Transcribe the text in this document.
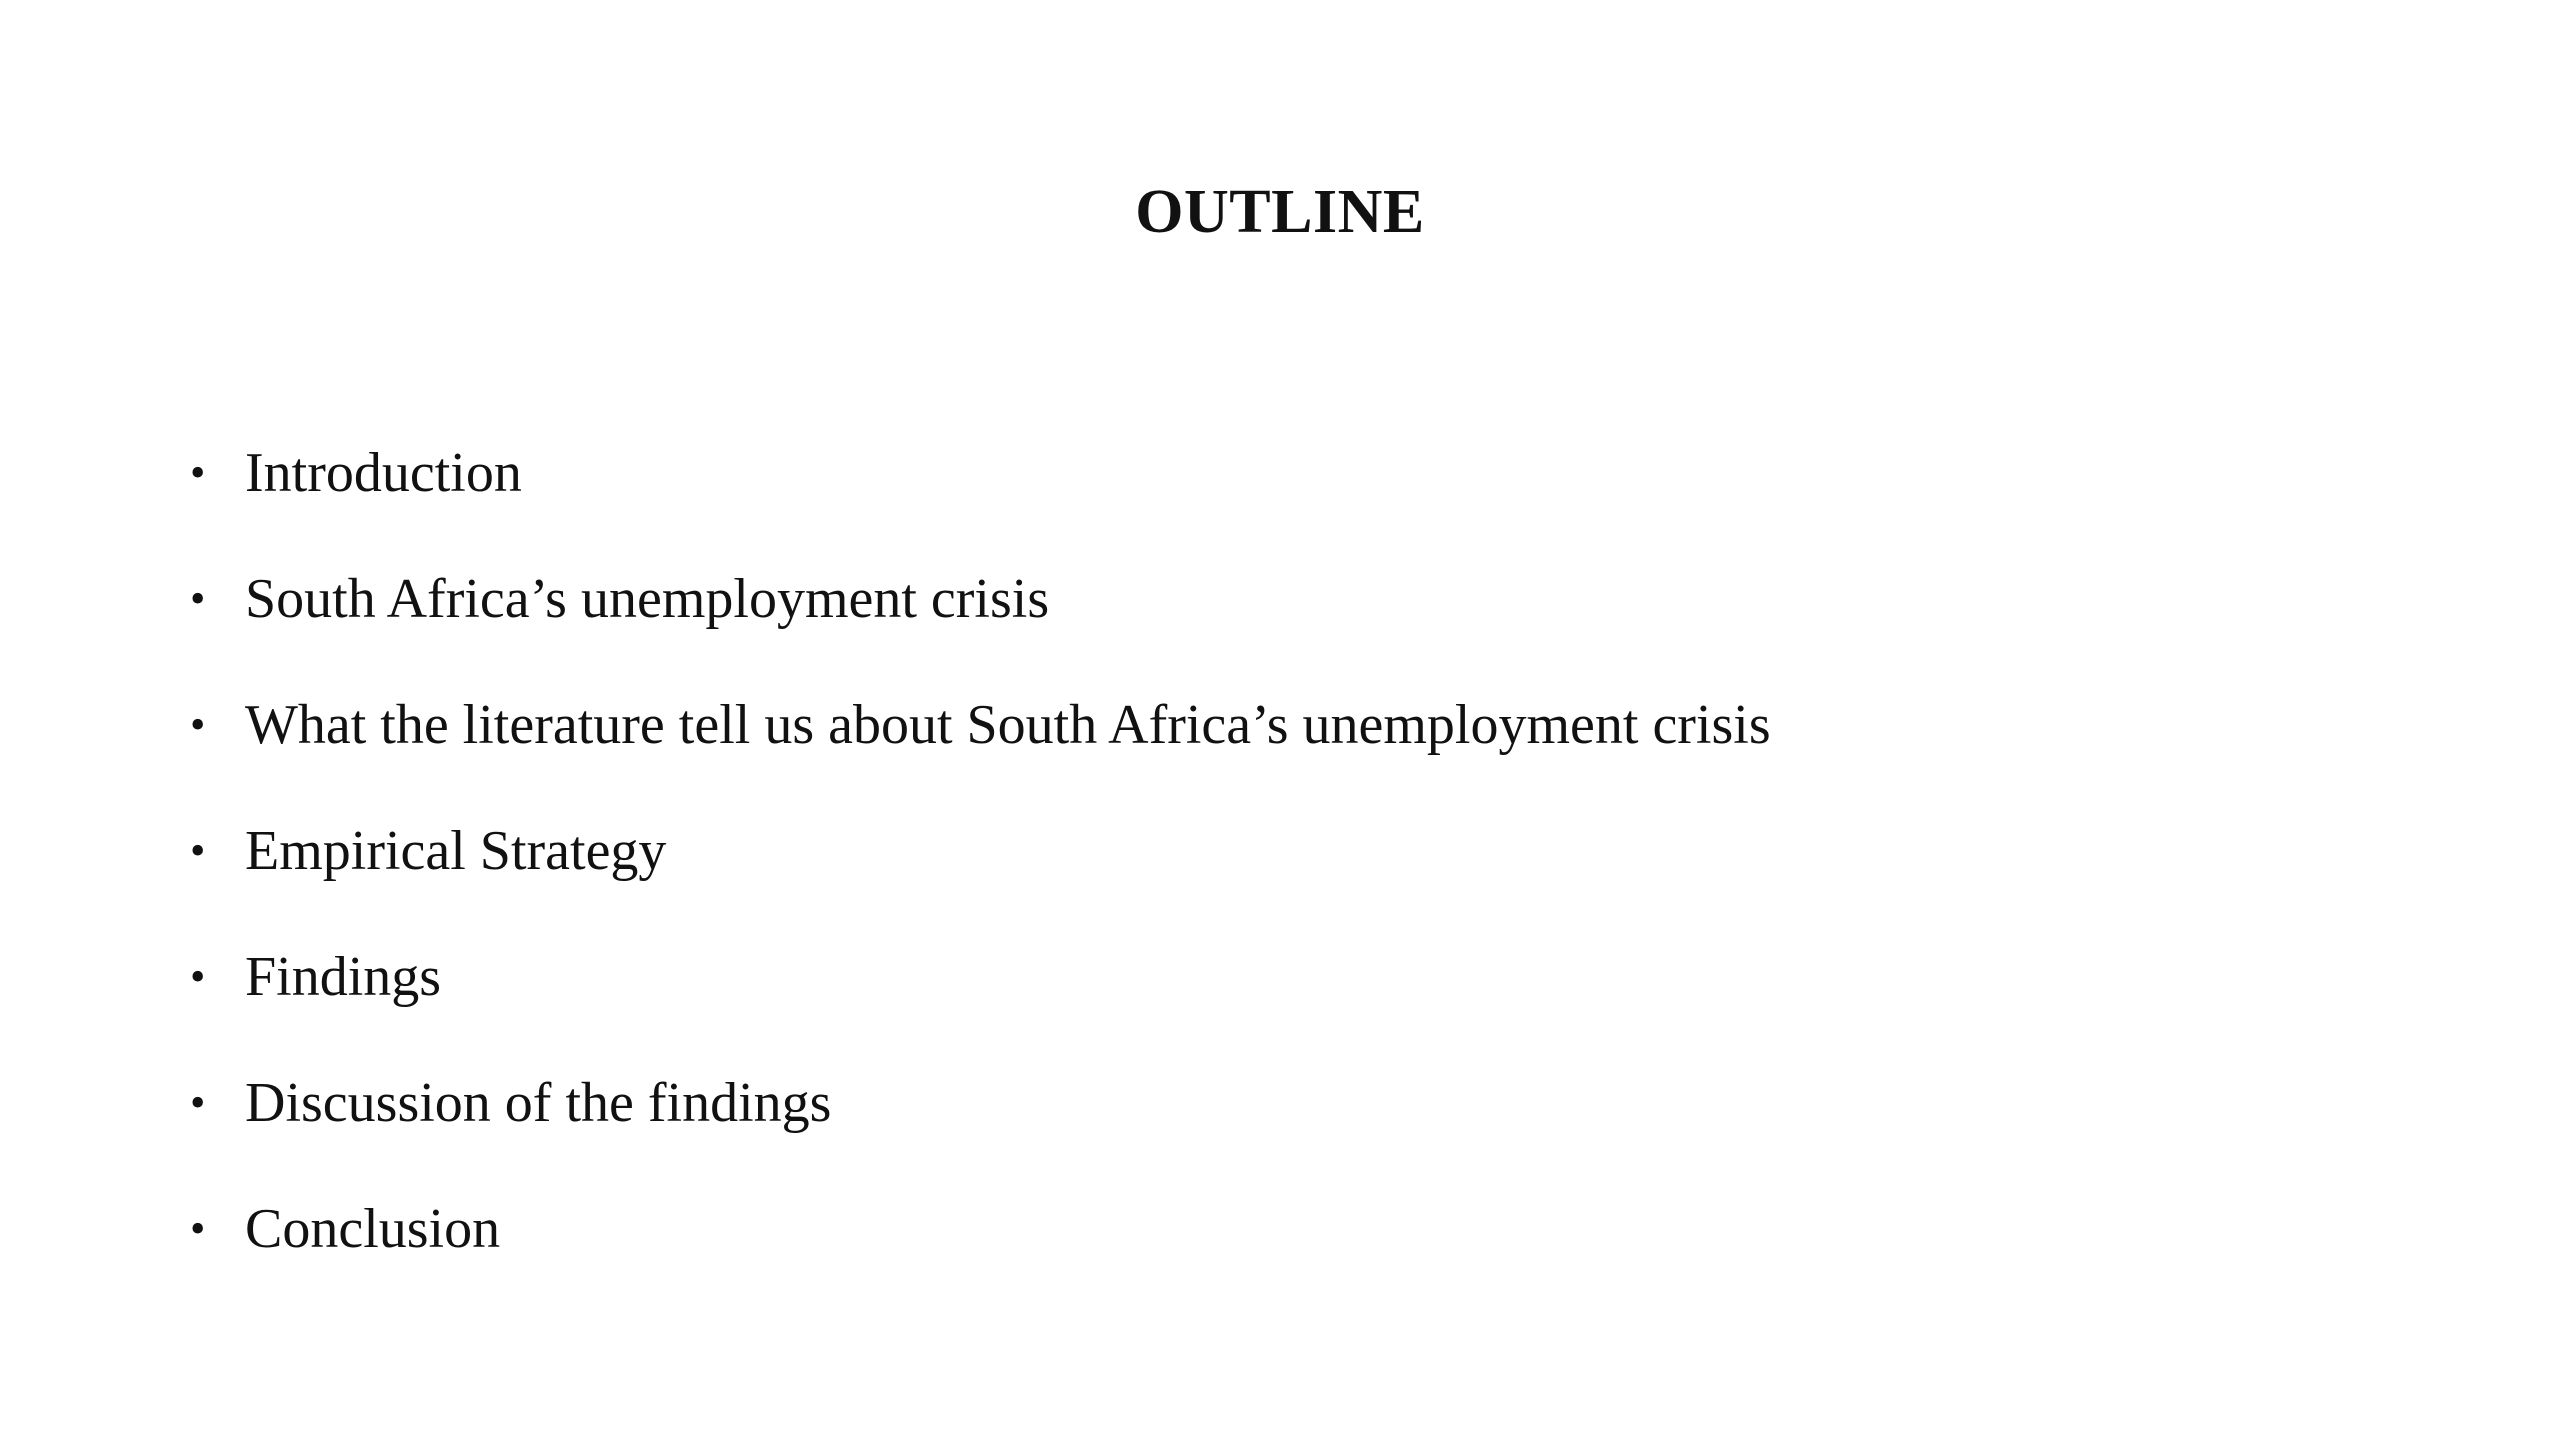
OUTLINE
• Introduction
• South Africa’s unemployment crisis
• What the literature tell us about South Africa’s unemployment crisis
• Empirical Strategy
• Findings
• Discussion of the findings
• Conclusion
